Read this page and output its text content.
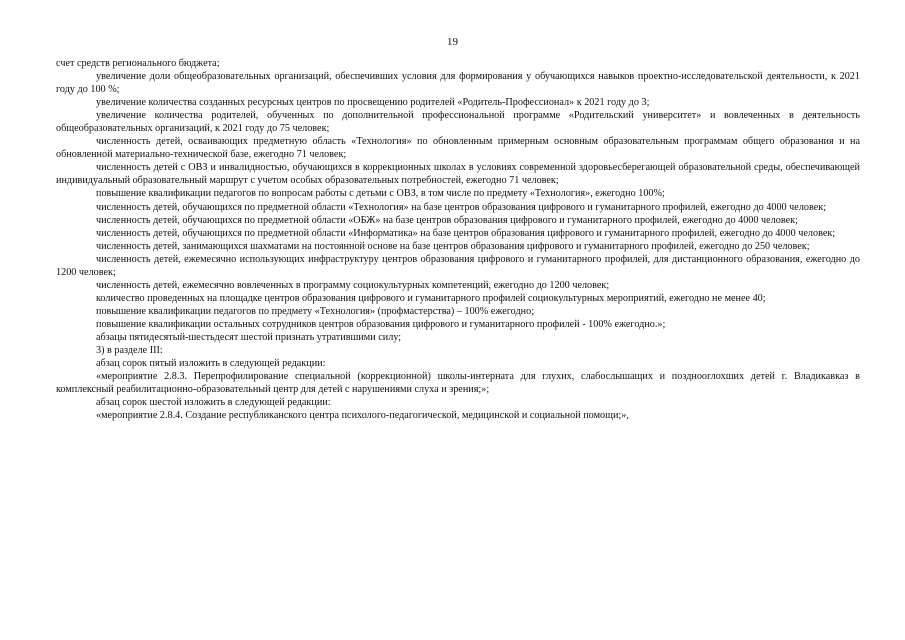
19

счет средств регионального бюджета;

увеличение доли общеобразовательных организаций, обеспечивших условия для формирования у обучающихся навыков проектно-исследовательской деятельности, к 2021 году до 100 %;

увеличение количества созданных ресурсных центров по просвещению родителей «Родитель-Профессионал» к 2021 году до 3;

увеличение количества родителей, обученных по дополнительной профессиональной программе «Родительский университет» и вовлеченных в деятельность общеобразовательных организаций, к 2021 году до 75 человек;

численность детей, осваивающих предметную область «Технология» по обновленным примерным основным образовательным программам общего образования и на обновленной материально-технической базе, ежегодно 71 человек;

численность детей с ОВЗ и инвалидностью, обучающихся в коррекционных школах в условиях современной здоровьесберегающей образовательной среды, обеспечивающей индивидуальный образовательный маршрут с учетом особых образовательных потребностей, ежегодно 71 человек;

повышение квалификации педагогов по вопросам работы с детьми с ОВЗ, в том числе по предмету «Технология», ежегодно 100%;

численность детей, обучающихся по предметной области «Технология» на базе центров образования цифрового и гуманитарного профилей, ежегодно до 4000 человек;

численность детей, обучающихся по предметной области «ОБЖ» на базе центров образования цифрового и гуманитарного профилей, ежегодно до 4000 человек;

численность детей, обучающихся по предметной области «Информатика» на базе центров образования цифрового и гуманитарного профилей, ежегодно до 4000 человек;

численность детей, занимающихся шахматами на постоянной основе на базе центров образования цифрового и гуманитарного профилей, ежегодно до 250 человек;

численность детей, ежемесячно использующих инфраструктуру центров образования цифрового и гуманитарного профилей, для дистанционного образования, ежегодно до 1200 человек;

численность детей, ежемесячно вовлеченных в программу социокультурных компетенций, ежегодно до 1200 человек;

количество проведенных на площадке центров образования цифрового и гуманитарного профилей социокультурных мероприятий, ежегодно не менее 40;

повышение квалификации педагогов по предмету «Технология» (профмастерства) – 100% ежегодно;

повышение квалификации остальных сотрудников центров образования цифрового и гуманитарного профилей - 100% ежегодно.»;

абзацы пятидесятый-шестьдесят шестой признать утратившими силу;

3) в разделе III:

абзац сорок пятый изложить в следующей редакции:

«мероприятие 2.8.3. Перепрофилирование специальной (коррекционной) школы-интерната для глухих, слабослышащих и позднооглохших детей г. Владикавказ в комплексный реабилитационно-образовательный центр для детей с нарушениями слуха и зрения;»;

абзац сорок шестой изложить в следующей редакции:

«мероприятие 2.8.4. Создание республиканского центра психолого-педагогической, медицинской и социальной помощи;»,
